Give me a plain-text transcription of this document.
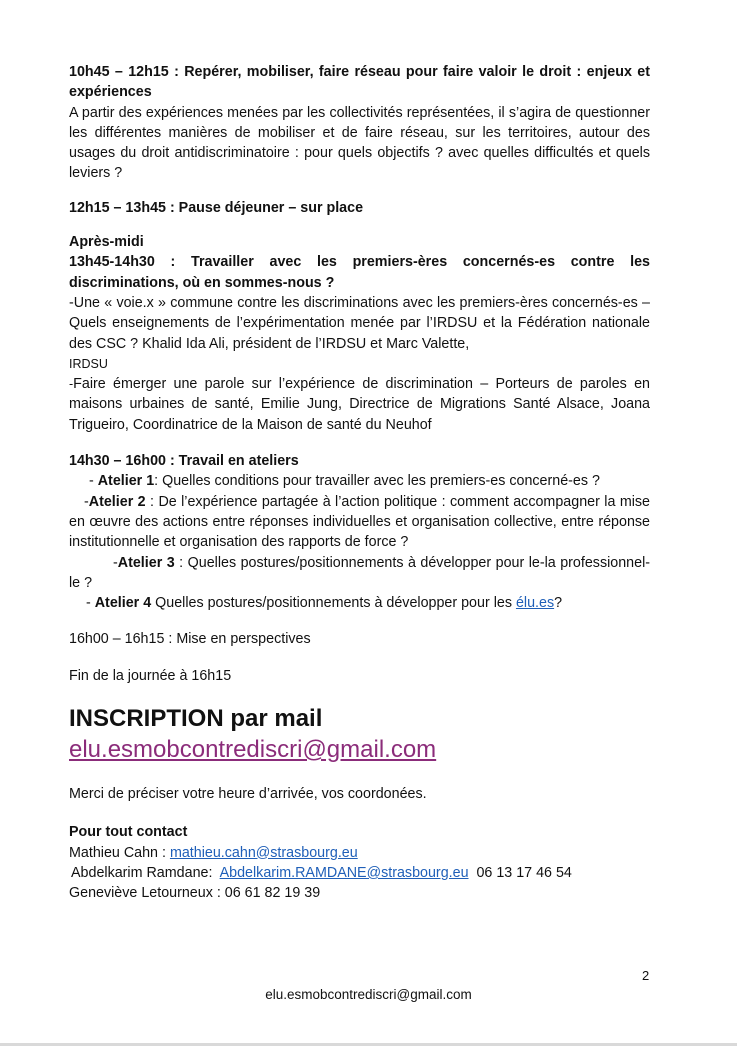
10h45 – 12h15 : Repérer, mobiliser, faire réseau pour faire valoir le droit : enjeux et expériences

A partir des expériences menées par les collectivités représentées, il s’agira de questionner les différentes manières de mobiliser et de faire réseau, sur les territoires, autour des usages du droit antidiscriminatoire : pour quels objectifs ? avec quelles difficultés et quels leviers ?

12h15 – 13h45 : Pause déjeuner – sur place

Après-midi

13h45-14h30 : Travailler avec les premiers-ères concernés-es contre les discriminations, où en sommes-nous ?

-Une « voie.x » commune contre les discriminations avec les premiers-ères concernés-es – Quels enseignements de l’expérimentation menée par l’IRDSU et la Fédération nationale des CSC ? Khalid Ida Ali, président de l’IRDSU et Marc Valette,
IRDSU

-Faire émerger une parole sur l’expérience de discrimination – Porteurs de paroles en maisons urbaines de santé, Emilie Jung, Directrice de Migrations Santé Alsace, Joana Trigueiro, Coordinatrice de la Maison de santé du Neuhof

14h30 – 16h00 : Travail en ateliers

- Atelier 1: Quelles conditions pour travailler avec les premiers-es concerné-es ?

-Atelier 2 : De l’expérience partagée à l’action politique : comment accompagner la mise en œuvre des actions entre réponses individuelles et organisation collective, entre réponse institutionnelle et organisation des rapports de force ?

-Atelier 3 : Quelles postures/positionnements à développer pour le-la professionnel-le ?

- Atelier 4 Quelles postures/positionnements à développer pour les élu.es?

16h00 – 16h15 : Mise en perspectives

Fin de la journée à 16h15

INSCRIPTION par mail

elu.esmobcontrediscri@gmail.com

Merci de préciser votre heure d’arrivée, vos coordonées.

Pour tout contact

Mathieu Cahn : mathieu.cahn@strasbourg.eu

Abdelkarim Ramdane:  Abdelkarim.RAMDANE@strasbourg.eu  06 13 17 46 54

Geneviève Letourneux : 06 61 82 19 39

2
elu.esmobcontrediscri@gmail.com
